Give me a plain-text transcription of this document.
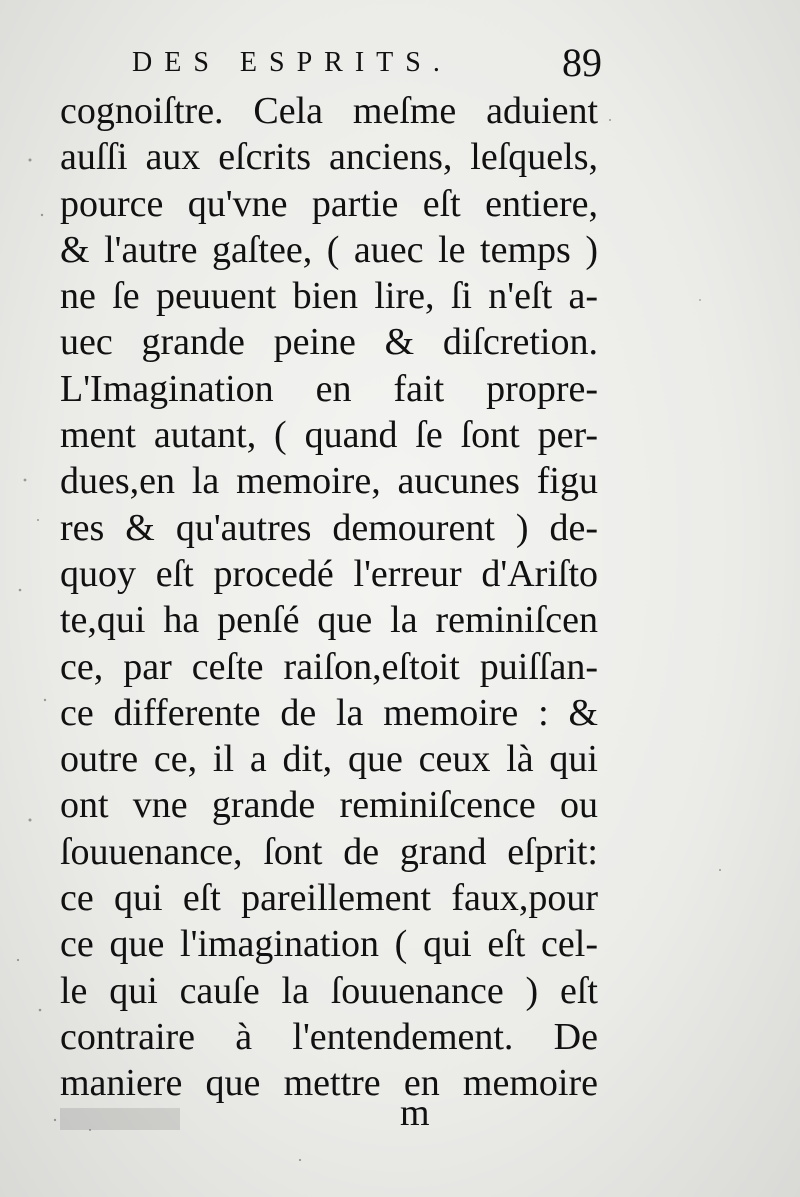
DES ESPRITS.	89
cognoiſtre. Cela meſme aduient
auſſi aux eſcrits anciens, leſquels,
pource qu'vne partie eſt entiere,
& l'autre gaſtee, ( auec le temps )
ne ſe peuuent bien lire, ſi n'eſt a-
uec grande peine & diſcretion.
L'Imagination en fait propre-
ment autant, ( quand ſe ſont per-
dues,en la memoire, aucunes figu
res & qu'autres demourent ) de-
quoy eſt procedé l'erreur d'Ariſto
te,qui ha penſé que la reminiſcen
ce, par ceſte raiſon,eſtoit puiſſan-
ce differente de la memoire : &
outre ce, il a dit, que ceux là qui
ont vne grande reminiſcence ou
ſouuenance, ſont de grand eſprit:
ce qui eſt pareillement faux,pour
ce que l'imagination ( qui eſt cel-
le qui cauſe la ſouuenance ) eſt
contraire à l'entendement. De
maniere que mettre en memoire
m
